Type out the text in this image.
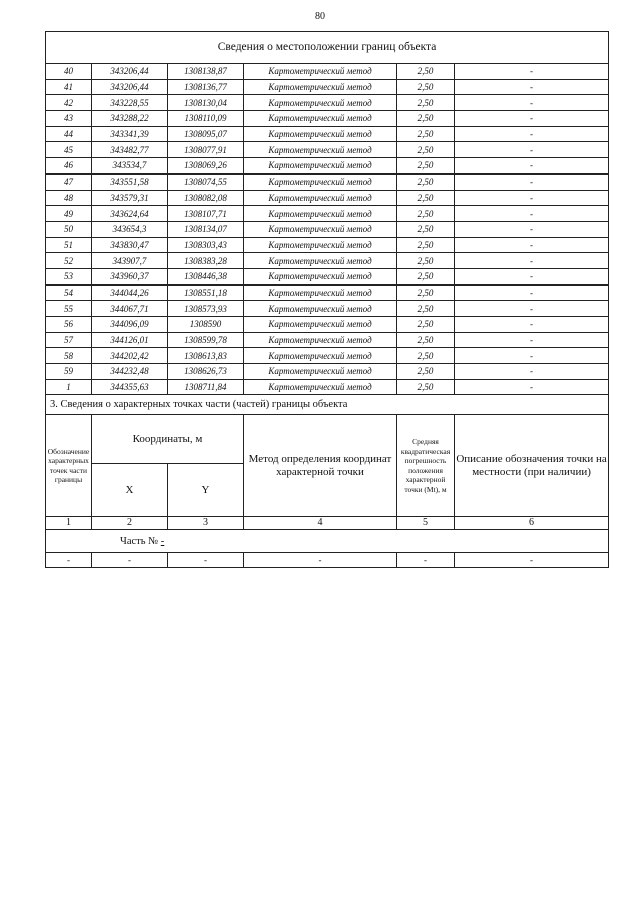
80
Сведения о местоположении границ объекта					
40	343206,44	1308138,87	Картометрический метод	2,50	-
41	343206,44	1308136,77	Картометрический метод	2,50	-
42	343228,55	1308130,04	Картометрический метод	2,50	-
43	343288,22	1308110,09	Картометрический метод	2,50	-
44	343341,39	1308095,07	Картометрический метод	2,50	-
45	343482,77	1308077,91	Картометрический метод	2,50	-
46	343534,7	1308069,26	Картометрический метод	2,50	-
47	343551,58	1308074,55	Картометрический метод	2,50	-
48	343579,31	1308082,08	Картометрический метод	2,50	-
49	343624,64	1308107,71	Картометрический метод	2,50	-
50	343654,3	1308134,07	Картометрический метод	2,50	-
51	343830,47	1308303,43	Картометрический метод	2,50	-
52	343907,7	1308383,28	Картометрический метод	2,50	-
53	343960,37	1308446,38	Картометрический метод	2,50	-
54	344044,26	1308551,18	Картометрический метод	2,50	-
55	344067,71	1308573,93	Картометрический метод	2,50	-
56	344096,09	1308590	Картометрический метод	2,50	-
57	344126,01	1308599,78	Картометрический метод	2,50	-
58	344202,42	1308613,83	Картометрический метод	2,50	-
59	344232,48	1308626,73	Картометрический метод	2,50	-
1	344355,63	1308711,84	Картометрический метод	2,50	-
3. Сведения о характерных точках части (частей) границы объекта					
Обозначение характерных точек части границы	Координаты, м		Метод определения координат характерной точки	Средняя квадратическая погрешность положения характерной точки (Mt), м	Описание обозначения точки на местности (при наличии)
	X	Y			
1	2	3	4	5	6
Часть № -					
-	-	-	-	-	-
